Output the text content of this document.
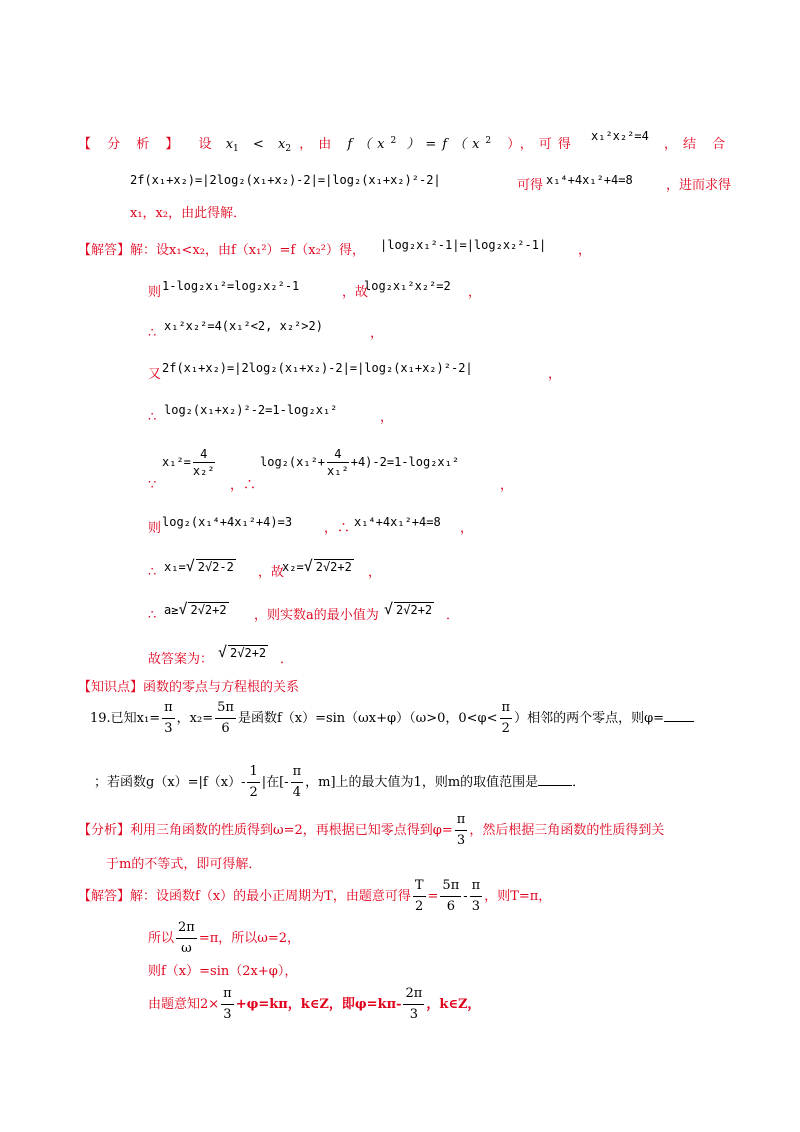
【 分 析 】 设 $x_1 < x_2$ ，由 $f(x^2$ ）$=f(x^2$ ），可得
x₁²x₂²=4
，结 合
2f(x₁+x₂)=|2log₂(x₁+x₂)-2|=|log₂(x₁+x₂)²-2|	可得 x₁⁴+4x₁²+4=8	，进而求得
x₁，x₂，由此得解．
【解答】解：设x₁<x₂，由f（x₁²）=f（x₂²）得， |log₂x₁²-1|=|log₂x₂²-1| ，
则 1-log₂x₁²=log₂x₂²-1	，故
log₂x₁²x₂²=2 ，
∴ x₁²x₂²=4(x₁²<2, x₂²>2)	，
又 2f(x₁+x₂)=|2log₂(x₁+x₂)-2|=|log₂(x₁+x₂)²-2|	，
∴ log₂(x₁+x₂)²-2=1-log₂x₁²	，
∵
$x_1^2= \frac{4}{\text{x₂²}}$
，∴
$\log_2(x_1^2+ \frac{4}{\text{x₁²}} +4)-2=1-\log_2x_1^2$
，
则 log₂(x₁⁴+4x₁²+4)=3 ，∴ x₁⁴+4x₁²+4=8 ，
∴ x₁=√ 2√2-2 ，故
x₂=√ 2√2+2 ，
∴ a≥√ 2√2+2 ，则实数a的最小值为 √ 2√2+2 ．
故答案为： √ 2√2+2 ．
【知识点】函数的零点与方程根的关系
19.已知$x_1= \frac{\pi}{3}$ ，$x_2= \frac{5\pi}{6}$ 是函数f（x）=sin（ωx+φ）（ω>0，$0<\varphi< \frac{\pi}{2}$ ）相邻的两个零点，则φ=
；若函数$g(x)=|f(x)- \frac{1}{2}$ |在[- $\frac{\pi}{4}$ ，m]上的最大值为1，则m的取值范围是	．
【分析】利用三角函数的性质得到ω=2，再根据已知零点得到$\varphi= \frac{\pi}{3}$ ，然后根据三角函数的性质得到关
于m的不等式，即可得解．
【解答】解：设函数f（x）的最小正周期为T，由题意可得 $\frac{T}{2} = \frac{5\pi}{6} - \frac{\pi}{3}$ ，则T=π，
所以 $\frac{2\pi}{\omega} =\pi$，所以ω=2，
则f（x）=sin（2x+φ），
由题意知$2\times \frac{\pi}{3} +\varphi=k\pi$，k∈Z，即$\varphi=k\pi- \frac{2\pi}{3}$ ，k∈Z，
